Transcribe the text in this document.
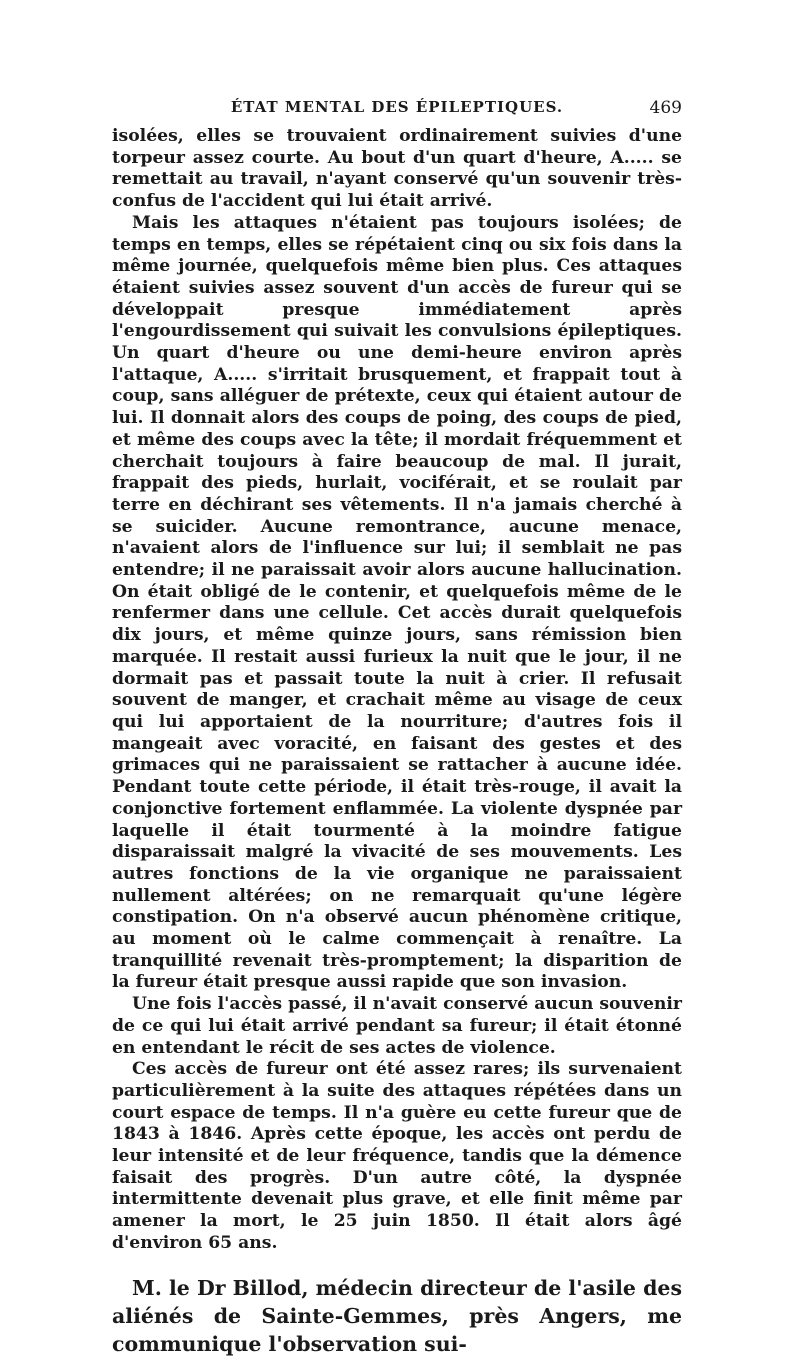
ÉTAT MENTAL DES ÉPILEPTIQUES.	469

isolées, elles se trouvaient ordinairement suivies d'une torpeur assez courte. Au bout d'un quart d'heure, A..... se remettait au travail, n'ayant conservé qu'un souvenir très-confus de l'accident qui lui était arrivé.

Mais les attaques n'étaient pas toujours isolées; de temps en temps, elles se répétaient cinq ou six fois dans la même journée, quelquefois même bien plus. Ces attaques étaient suivies assez souvent d'un accès de fureur qui se développait presque immédiatement après l'engourdissement qui suivait les convulsions épileptiques. Un quart d'heure ou une demi-heure environ après l'attaque, A..... s'irritait brusquement, et frappait tout à coup, sans alléguer de prétexte, ceux qui étaient autour de lui. Il donnait alors des coups de poing, des coups de pied, et même des coups avec la tête; il mordait fréquemment et cherchait toujours à faire beaucoup de mal. Il jurait, frappait des pieds, hurlait, vociférait, et se roulait par terre en déchirant ses vêtements. Il n'a jamais cherché à se suicider. Aucune remontrance, aucune menace, n'avaient alors de l'influence sur lui; il semblait ne pas entendre; il ne paraissait avoir alors aucune hallucination. On était obligé de le contenir, et quelquefois même de le renfermer dans une cellule. Cet accès durait quelquefois dix jours, et même quinze jours, sans rémission bien marquée. Il restait aussi furieux la nuit que le jour, il ne dormait pas et passait toute la nuit à crier. Il refusait souvent de manger, et crachait même au visage de ceux qui lui apportaient de la nourriture; d'autres fois il mangeait avec voracité, en faisant des gestes et des grimaces qui ne paraissaient se rattacher à aucune idée. Pendant toute cette période, il était très-rouge, il avait la conjonctive fortement enflammée. La violente dyspnée par laquelle il était tourmenté à la moindre fatigue disparaissait malgré la vivacité de ses mouvements. Les autres fonctions de la vie organique ne paraissaient nullement altérées; on ne remarquait qu'une légère constipation. On n'a observé aucun phénomène critique, au moment où le calme commençait à renaître. La tranquillité revenait très-promptement; la disparition de la fureur était presque aussi rapide que son invasion.

Une fois l'accès passé, il n'avait conservé aucun souvenir de ce qui lui était arrivé pendant sa fureur; il était étonné en entendant le récit de ses actes de violence.

Ces accès de fureur ont été assez rares; ils survenaient particulièrement à la suite des attaques répétées dans un court espace de temps. Il n'a guère eu cette fureur que de 1843 à 1846. Après cette époque, les accès ont perdu de leur intensité et de leur fréquence, tandis que la démence faisait des progrès. D'un autre côté, la dyspnée intermittente devenait plus grave, et elle finit même par amener la mort, le 25 juin 1850. Il était alors âgé d'environ 65 ans.

M. le Dr Billod, médecin directeur de l'asile des aliénés de Sainte-Gemmes, près Angers, me communique l'observation sui-
